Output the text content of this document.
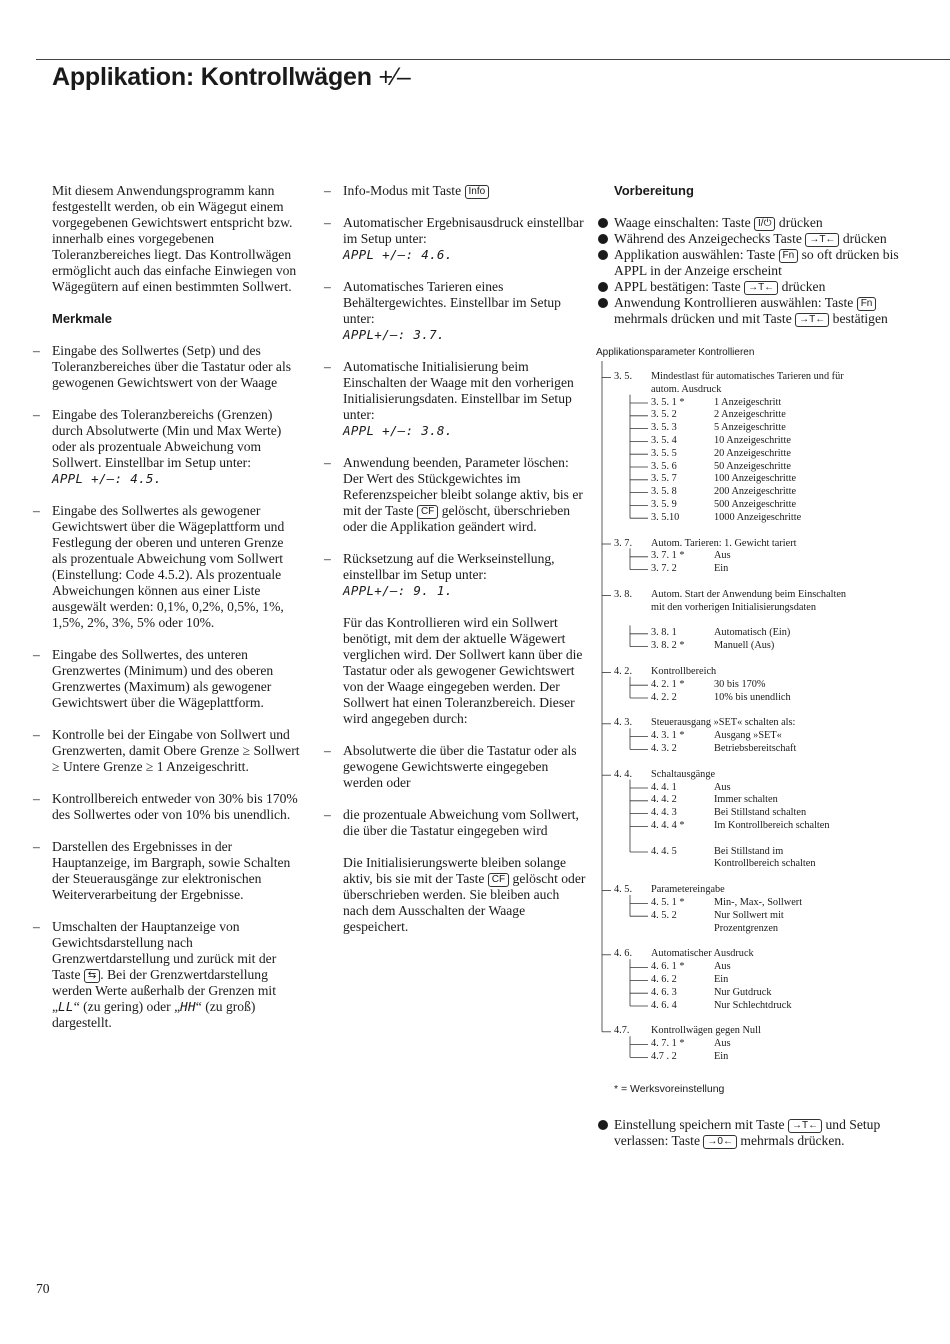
Applikation: Kontrollwägen +⁄–

Mit diesem Anwendungsprogramm kann festgestellt werden, ob ein Wägegut einem vorgegebenen Gewichtswert entspricht bzw. innerhalb eines vorgegebenen Toleranzbereiches liegt. Das Kontrollwägen ermöglicht auch das einfache Einwiegen von Wägegütern auf einen bestimmten Sollwert.

Merkmale
– Eingabe des Sollwertes (Setp) und des Toleranzbereiches über die Tastatur oder als gewogenen Gewichtswert von der Waage
– Eingabe des Toleranzbereichs (Grenzen) durch Absolutwerte (Min und Max Werte) oder als prozentuale Abweichung vom Sollwert. Einstellbar im Setup unter:
APPL +/–: 4.5.
– Eingabe des Sollwertes als gewogener Gewichtswert über die Wägeplattform und Festlegung der oberen und unteren Grenze als prozentuale Abweichung vom Sollwert (Einstellung: Code 4.5.2). Als prozentuale Abweichungen können aus einer Liste ausgewält werden: 0,1%, 0,2%, 0,5%, 1%, 1,5%, 2%, 3%, 5% oder 10%.
– Eingabe des Sollwertes, des unteren Grenzwertes (Minimum) und des oberen Grenzwertes (Maximum) als gewogener Gewichtswert über die Wägeplattform.
– Kontrolle bei der Eingabe von Sollwert und Grenzwerten, damit Obere Grenze ≥ Sollwert ≥ Untere Grenze ≥ 1 Anzeigeschritt.
– Kontrollbereich entweder von 30% bis 170% des Sollwertes oder von 10% bis unendlich.
– Darstellen des Ergebnisses in der Hauptanzeige, im Bargraph, sowie Schalten der Steuerausgänge zur elektronischen Weiterverarbeitung der Ergebnisse.
– Umschalten der Hauptanzeige von Gewichtsdarstellung nach Grenzwertdarstellung und zurück mit der Taste ⇆ . Bei der Grenzwertdarstellung werden Werte außerhalb der Grenzen mit „LL“ (zu gering) oder „HH“ (zu groß) dargestellt.
– Info-Modus mit Taste Info
– Automatischer Ergebnisausdruck einstellbar im Setup unter:
APPL +/–: 4.6.
– Automatisches Tarieren eines Behältergewichtes. Einstellbar im Setup unter:
APPL+/–: 3.7.
– Automatische Initialisierung beim Einschalten der Waage mit den vorherigen Initialisierungsdaten. Einstellbar im Setup unter:
APPL +/–: 3.8.
– Anwendung beenden, Parameter löschen:
Der Wert des Stückgewichtes im Referenzspeicher bleibt solange aktiv, bis er mit der Taste CF gelöscht, überschrieben oder die Applikation geändert wird.
– Rücksetzung auf die Werkseinstellung, einstellbar im Setup unter:
APPL+/–: 9. 1.

Für das Kontrollieren wird ein Sollwert benötigt, mit dem der aktuelle Wägewert verglichen wird. Der Sollwert kann über die Tastatur oder als gewogener Gewichtswert von der Waage eingegeben werden. Der Sollwert hat einen Toleranzbereich. Dieser wird angegeben durch:

– Absolutwerte die über die Tastatur oder als gewogene Gewichtswerte eingegeben werden oder
– die prozentuale Abweichung vom Sollwert, die über die Tastatur eingegeben wird

Die Initialisierungswerte bleiben solange aktiv, bis sie mit der Taste CF gelöscht oder überschrieben werden. Sie bleiben auch nach dem Ausschalten der Waage gespeichert.

Vorbereitung
Waage einschalten: Taste I/⏻ drücken
Während des Anzeigechecks Taste →T← drücken
Applikation auswählen: Taste Fn so oft drücken bis APPL in der Anzeige erscheint
APPL bestätigen: Taste →T← drücken
Anwendung Kontrollieren auswählen: Taste Fn mehrmals drücken und mit Taste →T← bestätigen
Applikationsparameter Kontrollieren
3. 5. Mindestlast für automatisches Tarieren und für autom. Ausdruck
3. 5. 1 *	1 Anzeigeschritt
3. 5. 2	2 Anzeigeschritte
3. 5. 3	5 Anzeigeschritte
3. 5. 4	10 Anzeigeschritte
3. 5. 5	20 Anzeigeschritte
3. 5. 6	50 Anzeigeschritte
3. 5. 7	100 Anzeigeschritte
3. 5. 8	200 Anzeigeschritte
3. 5. 9	500 Anzeigeschritte
3. 5.10	1000 Anzeigeschritte
3. 7. Autom. Tarieren: 1. Gewicht tariert
3. 7. 1 *	Aus
3. 7. 2	Ein
3. 8. Autom. Start der Anwendung beim Einschalten mit den vorherigen Initialisierungsdaten
3. 8. 1	Automatisch (Ein)
3. 8. 2 *	Manuell (Aus)
4. 2. Kontrollbereich
4. 2. 1 *	30 bis 170%
4. 2. 2	10% bis unendlich
4. 3. Steuerausgang »SET« schalten als:
4. 3. 1 *	Ausgang »SET«
4. 3. 2	Betriebsbereitschaft
4. 4. Schaltausgänge
4. 4. 1	Aus
4. 4. 2	Immer schalten
4. 4. 3	Bei Stillstand schalten
4. 4. 4 *	Im Kontrollbereich schalten
4. 4. 5	Bei Stillstand im Kontrollbereich schalten
4. 5. Parametereingabe
4. 5. 1 *	Min-, Max-, Sollwert
4. 5. 2	Nur Sollwert mit Prozentgrenzen
4. 6. Automatischer Ausdruck
4. 6. 1 *	Aus
4. 6. 2	Ein
4. 6. 3	Nur Gutdruck
4. 6. 4	Nur Schlechtdruck
4.7. Kontrollwägen gegen Null
4. 7. 1 *	Aus
4.7 . 2	Ein

* = Werksvoreinstellung

Einstellung speichern mit Taste →T← und Setup verlassen: Taste →0← mehrmals drücken.
70
